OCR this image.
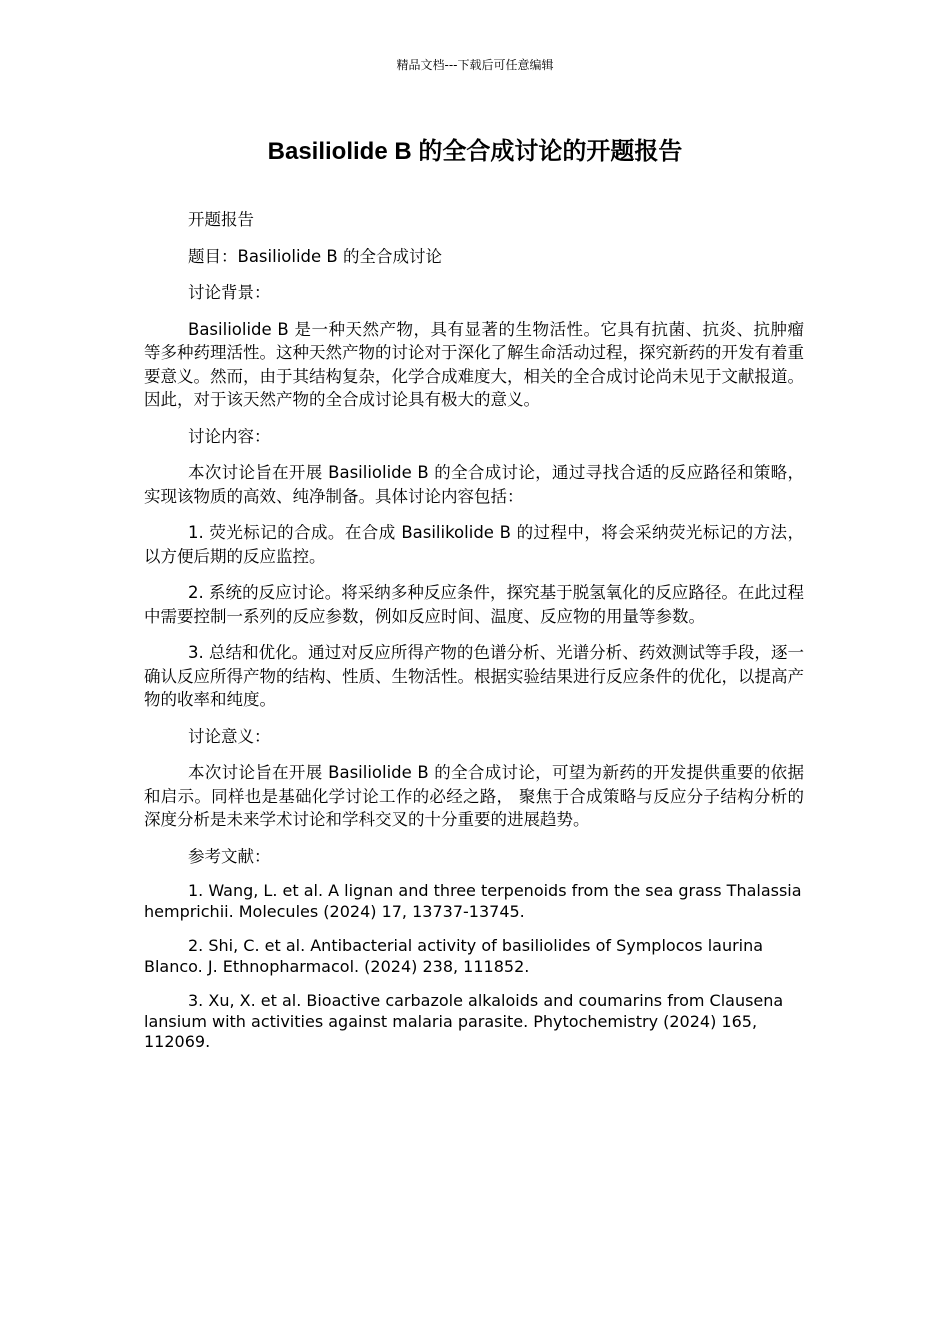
精品文档---下载后可任意编辑
Basiliolide B 的全合成讨论的开题报告

开题报告

题目：Basiliolide B 的全合成讨论

讨论背景：

Basiliolide B 是一种天然产物，具有显著的生物活性。它具有抗菌、抗炎、抗肿瘤等多种药理活性。这种天然产物的讨论对于深化了解生命活动过程，探究新药的开发有着重要意义。然而，由于其结构复杂，化学合成难度大，相关的全合成讨论尚未见于文献报道。因此，对于该天然产物的全合成讨论具有极大的意义。

讨论内容：

本次讨论旨在开展 Basiliolide B 的全合成讨论，通过寻找合适的反应路径和策略，实现该物质的高效、纯净制备。具体讨论内容包括：

1. 荧光标记的合成。在合成 Basilikolide B 的过程中，将会采纳荧光标记的方法，以方便后期的反应监控。

2. 系统的反应讨论。将采纳多种反应条件，探究基于脱氢氧化的反应路径。在此过程中需要控制一系列的反应参数，例如反应时间、温度、反应物的用量等参数。

3. 总结和优化。通过对反应所得产物的色谱分析、光谱分析、药效测试等手段，逐一确认反应所得产物的结构、性质、生物活性。根据实验结果进行反应条件的优化，以提高产物的收率和纯度。

讨论意义：

本次讨论旨在开展 Basiliolide B 的全合成讨论，可望为新药的开发提供重要的依据和启示。同样也是基础化学讨论工作的必经之路， 聚焦于合成策略与反应分子结构分析的深度分析是未来学术讨论和学科交叉的十分重要的进展趋势。

参考文献：

1. Wang, L. et al. A lignan and three terpenoids from the sea grass Thalassia hemprichii. Molecules (2024) 17, 13737-13745.

2. Shi, C. et al. Antibacterial activity of basiliolides of Symplocos laurina Blanco. J. Ethnopharmacol. (2024) 238, 111852.

3. Xu, X. et al. Bioactive carbazole alkaloids and coumarins from Clausena lansium with activities against malaria parasite. Phytochemistry (2024) 165, 112069.
